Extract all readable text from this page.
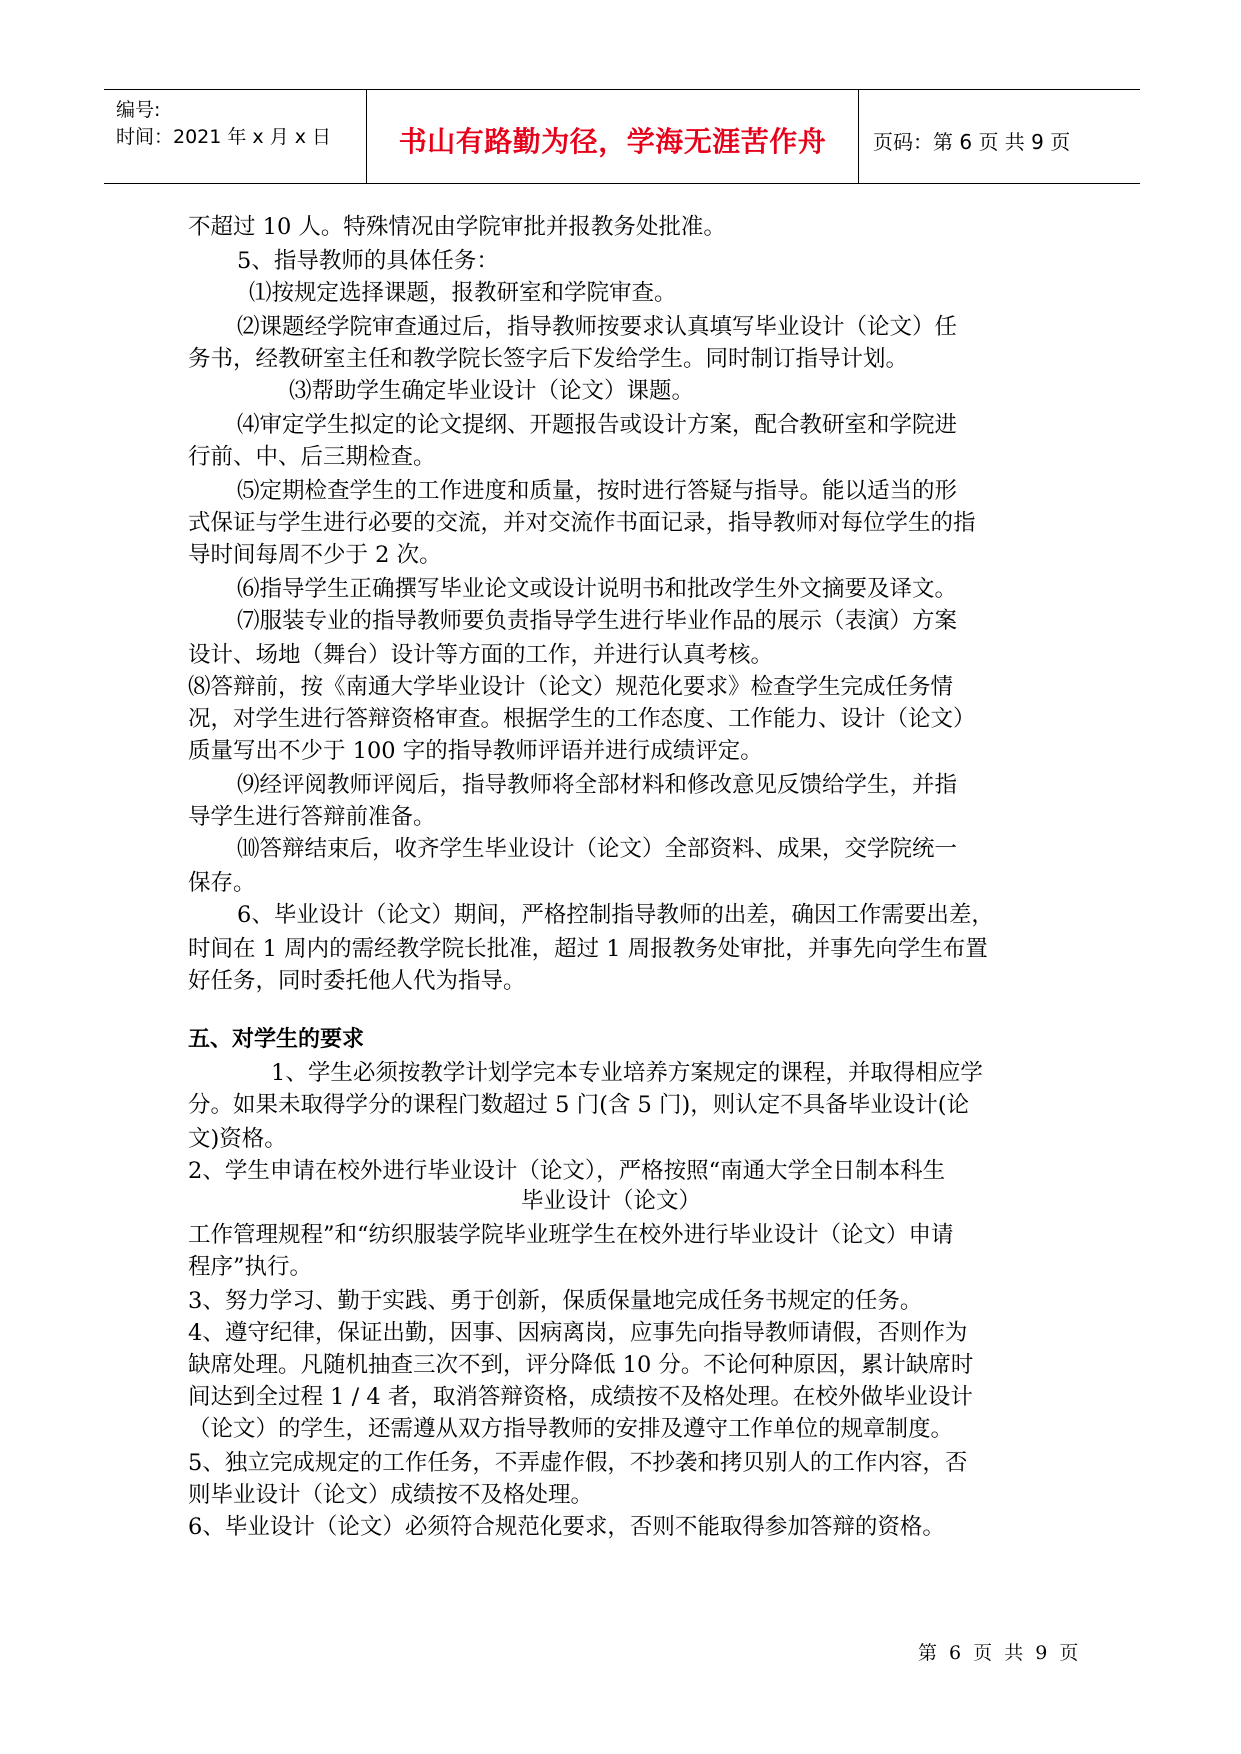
编号:
时间：2021 年 x 月 x 日	书山有路勤为径，学海无涯苦作舟	页码：第 6 页 共 9 页
不超过 10 人。特殊情况由学院审批并报教务处批准。
5、指导教师的具体任务：
⑴按规定选择课题，报教研室和学院审查。
⑵课题经学院审查通过后，指导教师按要求认真填写毕业设计（论文）任
务书，经教研室主任和教学院长签字后下发给学生。同时制订指导计划。
⑶帮助学生确定毕业设计（论文）课题。
⑷审定学生拟定的论文提纲、开题报告或设计方案，配合教研室和学院进
行前、中、后三期检查。
⑸定期检查学生的工作进度和质量，按时进行答疑与指导。能以适当的形
式保证与学生进行必要的交流，并对交流作书面记录，指导教师对每位学生的指
导时间每周不少于 2 次。
⑹指导学生正确撰写毕业论文或设计说明书和批改学生外文摘要及译文。
⑺服装专业的指导教师要负责指导学生进行毕业作品的展示（表演）方案
设计、场地（舞台）设计等方面的工作，并进行认真考核。
⑻答辩前，按《南通大学毕业设计（论文）规范化要求》检查学生完成任务情
况，对学生进行答辩资格审查。根据学生的工作态度、工作能力、设计（论文）
质量写出不少于 100 字的指导教师评语并进行成绩评定。
⑼经评阅教师评阅后，指导教师将全部材料和修改意见反馈给学生，并指
导学生进行答辩前准备。
⑽答辩结束后，收齐学生毕业设计（论文）全部资料、成果，交学院统一
保存。
6、毕业设计（论文）期间，严格控制指导教师的出差，确因工作需要出差，
时间在 1 周内的需经教学院长批准，超过 1 周报教务处审批，并事先向学生布置
好任务，同时委托他人代为指导。
五、对学生的要求
1、学生必须按教学计划学完本专业培养方案规定的课程，并取得相应学
分。如果未取得学分的课程门数超过 5 门(含 5 门)，则认定不具备毕业设计(论
文)资格。
2、学生申请在校外进行毕业设计（论文），严格按照“南通大学全日制本科生
毕业设计（论文）
工作管理规程”和“纺织服装学院毕业班学生在校外进行毕业设计（论文）申请
程序”执行。
3、努力学习、勤于实践、勇于创新，保质保量地完成任务书规定的任务。
4、遵守纪律，保证出勤，因事、因病离岗，应事先向指导教师请假，否则作为
缺席处理。凡随机抽查三次不到，评分降低 10 分。不论何种原因，累计缺席时
间达到全过程 1 / 4 者，取消答辩资格，成绩按不及格处理。在校外做毕业设计
（论文）的学生，还需遵从双方指导教师的安排及遵守工作单位的规章制度。
5、独立完成规定的工作任务，不弄虚作假，不抄袭和拷贝别人的工作内容，否
则毕业设计（论文）成绩按不及格处理。
6、毕业设计（论文）必须符合规范化要求，否则不能取得参加答辩的资格。
第 6 页 共 9 页
